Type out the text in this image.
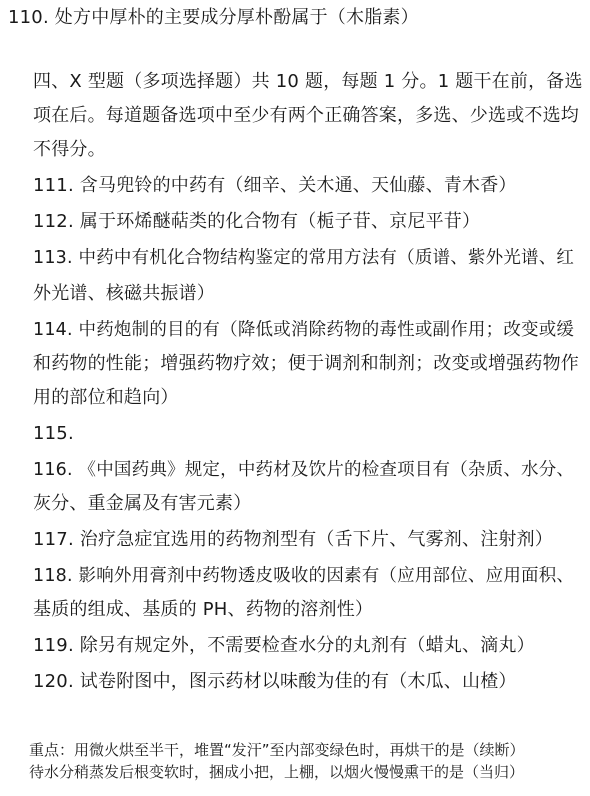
110. 处方中厚朴的主要成分厚朴酚属于（木脂素）
四、X 型题（多项选择题）共 10 题，每题 1 分。1 题干在前，备选
项在后。每道题备选项中至少有两个正确答案，多选、少选或不选均
不得分。
111. 含马兜铃的中药有（细辛、关木通、天仙藤、青木香）
112. 属于环烯醚萜类的化合物有（栀子苷、京尼平苷）
113. 中药中有机化合物结构鉴定的常用方法有（质谱、紫外光谱、红
外光谱、核磁共振谱）
114. 中药炮制的目的有（降低或消除药物的毒性或副作用；改变或缓
和药物的性能；增强药物疗效；便于调剂和制剂；改变或增强药物作
用的部位和趋向）
115.
116. 《中国药典》规定，中药材及饮片的检查项目有（杂质、水分、
灰分、重金属及有害元素）
117. 治疗急症宜选用的药物剂型有（舌下片、气雾剂、注射剂）
118. 影响外用膏剂中药物透皮吸收的因素有（应用部位、应用面积、
基质的组成、基质的 PH、药物的溶剂性）
119. 除另有规定外，不需要检查水分的丸剂有（蜡丸、滴丸）
120. 试卷附图中，图示药材以味酸为佳的有（木瓜、山楂）
重点：用微火烘至半干，堆置“发汗”至内部变绿色时，再烘干的是（续断）
待水分稍蒸发后根变软时，捆成小把，上棚，以烟火慢慢熏干的是（当归）
